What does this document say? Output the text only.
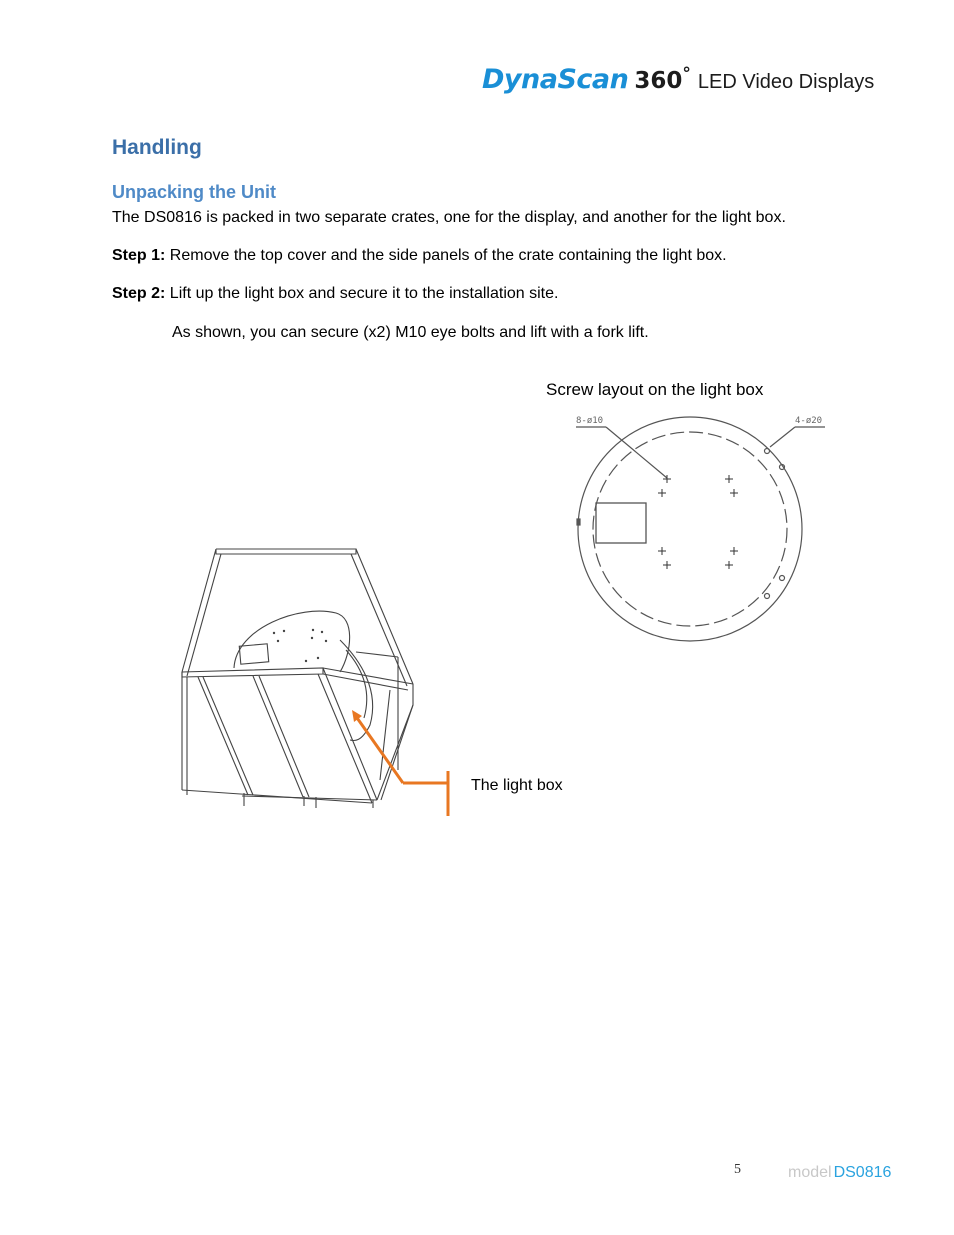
DynaScan 360° LED Video Displays
Handling
Unpacking the Unit

The DS0816 is packed in two separate crates, one for the display, and another for the light box.

Step 1: Remove the top cover and the side panels of the crate containing the light box.

Step 2: Lift up the light box and secure it to the installation site.

As shown, you can secure (x2) M10 eye bolts and lift with a fork lift.

Screw layout on the light box
8-ø10	4-ø20
The light box
5	model DS0816
